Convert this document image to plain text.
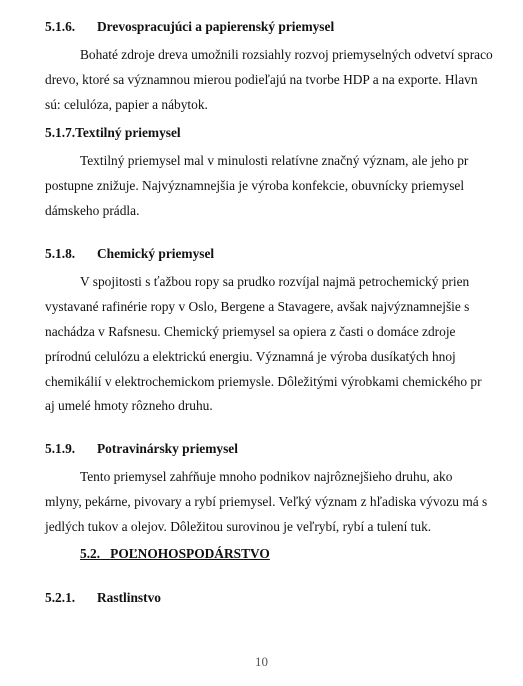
5.1.6. Drevospracujúci a papierenský priemysel
Bohaté zdroje dreva umožnili rozsiahly rozvoj priemyselných odvetví spraco
drevo, ktoré sa významnou mierou podieľajú na tvorbe HDP a na exporte. Hlavn
sú: celulóza, papier a nábytok.
5.1.7.Textilný priemysel
Textilný priemysel mal v minulosti relatívne značný význam, ale jeho pr
postupne znižuje. Najvýznamnejšia je výroba konfekcie, obuvnícky priemysel
dámskeho prádla.
5.1.8. Chemický priemysel
V spojitosti s ťažbou ropy sa prudko rozvíjal najmä petrochemický prien
vystavané rafinérie ropy v Oslo, Bergene a Stavagere, avšak najvýznamnejšie s
nachádza v Rafsnesu. Chemický priemysel sa opiera z časti o domáce zdroje
prírodnú celulózu a elektrickú energiu. Významná je výroba dusíkatých hnoj
chemikálií v elektrochemickom priemysle. Dôležitými výrobkami chemického pr
aj umelé hmoty rôzneho druhu.
5.1.9. Potravinársky priemysel
Tento priemysel zahŕňuje mnoho podnikov najrôznejšieho druhu, ako
mlyny, pekárne, pivovary a rybí priemysel. Veľký význam z hľadiska vývozu má s
jedlých tukov a olejov. Dôležitou surovinou je veľrybí, rybí a tulení tuk.
5.2. POĽNOHOSPODÁRSTVO
5.2.1. Rastlinstvo
10
